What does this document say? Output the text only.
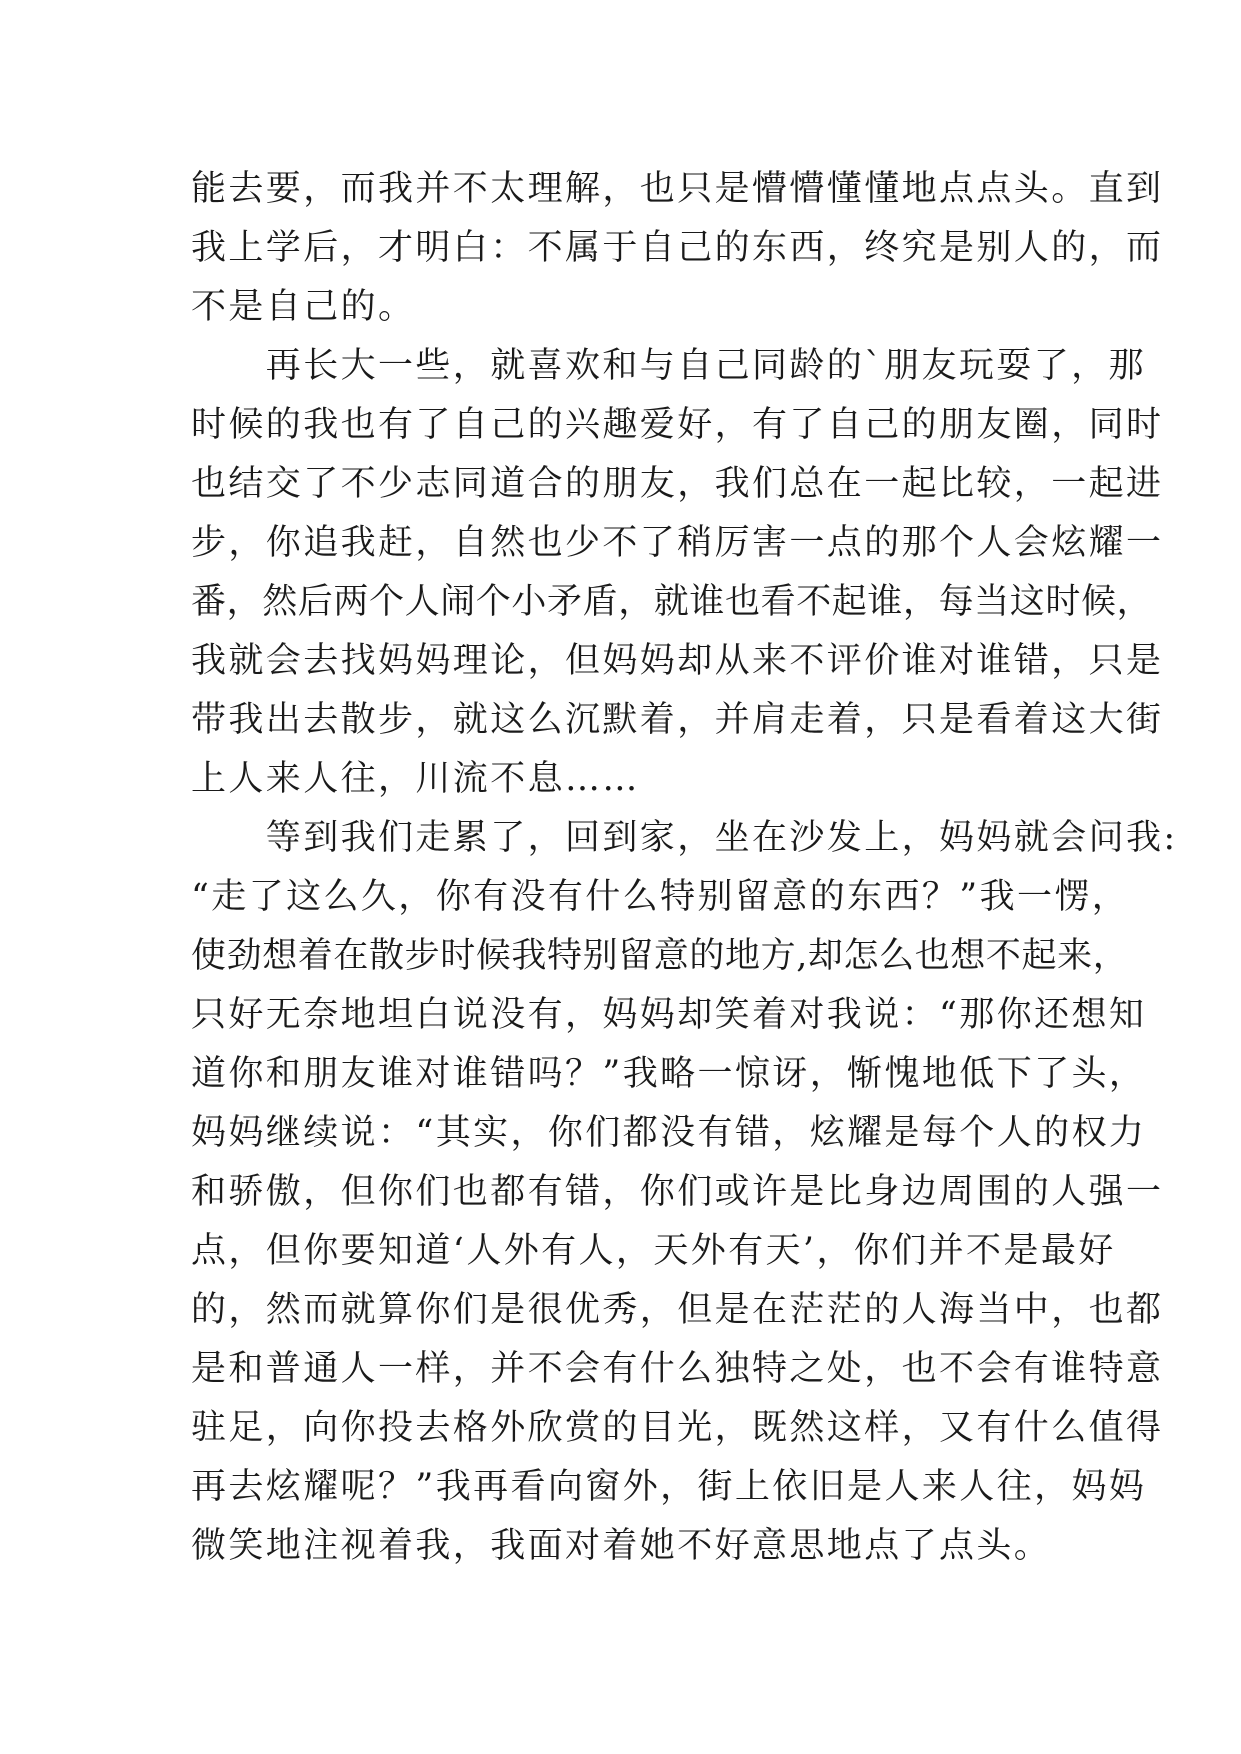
能去要，而我并不太理解，也只是懵懵懂懂地点点头。直到
我上学后，才明白：不属于自己的东西，终究是别人的，而
不是自己的。
　　再长大一些，就喜欢和与自己同龄的`朋友玩耍了，那
时候的我也有了自己的兴趣爱好，有了自己的朋友圈，同时
也结交了不少志同道合的朋友，我们总在一起比较，一起进
步，你追我赶，自然也少不了稍厉害一点的那个人会炫耀一
番，然后两个人闹个小矛盾，就谁也看不起谁，每当这时候，
我就会去找妈妈理论，但妈妈却从来不评价谁对谁错，只是
带我出去散步，就这么沉默着，并肩走着，只是看着这大街
上人来人往，川流不息……
　　等到我们走累了，回到家，坐在沙发上，妈妈就会问我:
“走了这么久，你有没有什么特别留意的东西？”我一愣，
使劲想着在散步时候我特别留意的地方,却怎么也想不起来，
只好无奈地坦白说没有，妈妈却笑着对我说：“那你还想知
道你和朋友谁对谁错吗？”我略一惊讶，惭愧地低下了头，
妈妈继续说：“其实，你们都没有错，炫耀是每个人的权力
和骄傲，但你们也都有错，你们或许是比身边周围的人强一
点，但你要知道‘人外有人，天外有天’，你们并不是最好
的，然而就算你们是很优秀，但是在茫茫的人海当中，也都
是和普通人一样，并不会有什么独特之处，也不会有谁特意
驻足，向你投去格外欣赏的目光，既然这样，又有什么值得
再去炫耀呢？”我再看向窗外，街上依旧是人来人往，妈妈
微笑地注视着我，我面对着她不好意思地点了点头。
